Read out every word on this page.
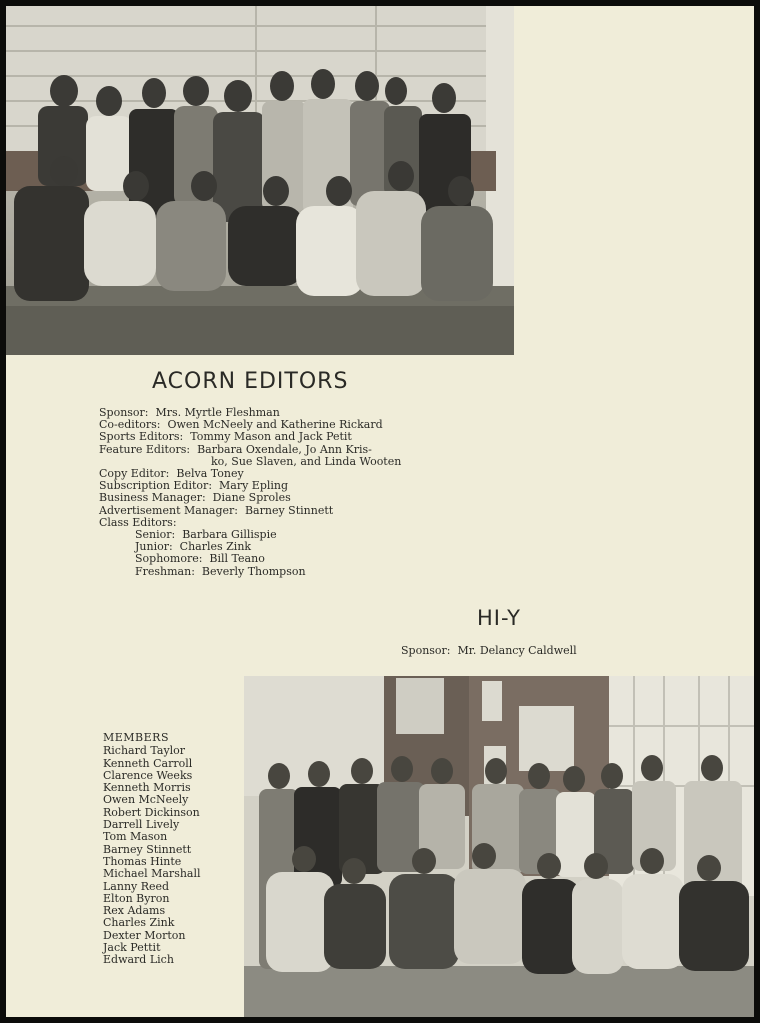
ACORN EDITORS
Sponsor:  Mrs. Myrtle Fleshman
Co-editors:  Owen McNeely and Katherine Rickard
Sports Editors:  Tommy Mason and Jack Petit
Feature Editors:  Barbara Oxendale, Jo Ann Kris-
ko, Sue Slaven, and Linda Wooten
Copy Editor:  Belva Toney
Subscription Editor:  Mary Epling
Business Manager:  Diane Sproles
Advertisement Manager:  Barney Stinnett
Class Editors:
Senior:  Barbara Gillispie
Junior:  Charles Zink
Sophomore:  Bill Teano
Freshman:  Beverly Thompson
HI-Y
Sponsor:  Mr. Delancy Caldwell
MEMBERS
Richard Taylor
Kenneth Carroll
Clarence Weeks
Kenneth Morris
Owen McNeely
Robert Dickinson
Darrell Lively
Tom Mason
Barney Stinnett
Thomas Hinte
Michael Marshall
Lanny Reed
Elton Byron
Rex Adams
Charles Zink
Dexter Morton
Jack Pettit
Edward Lich
